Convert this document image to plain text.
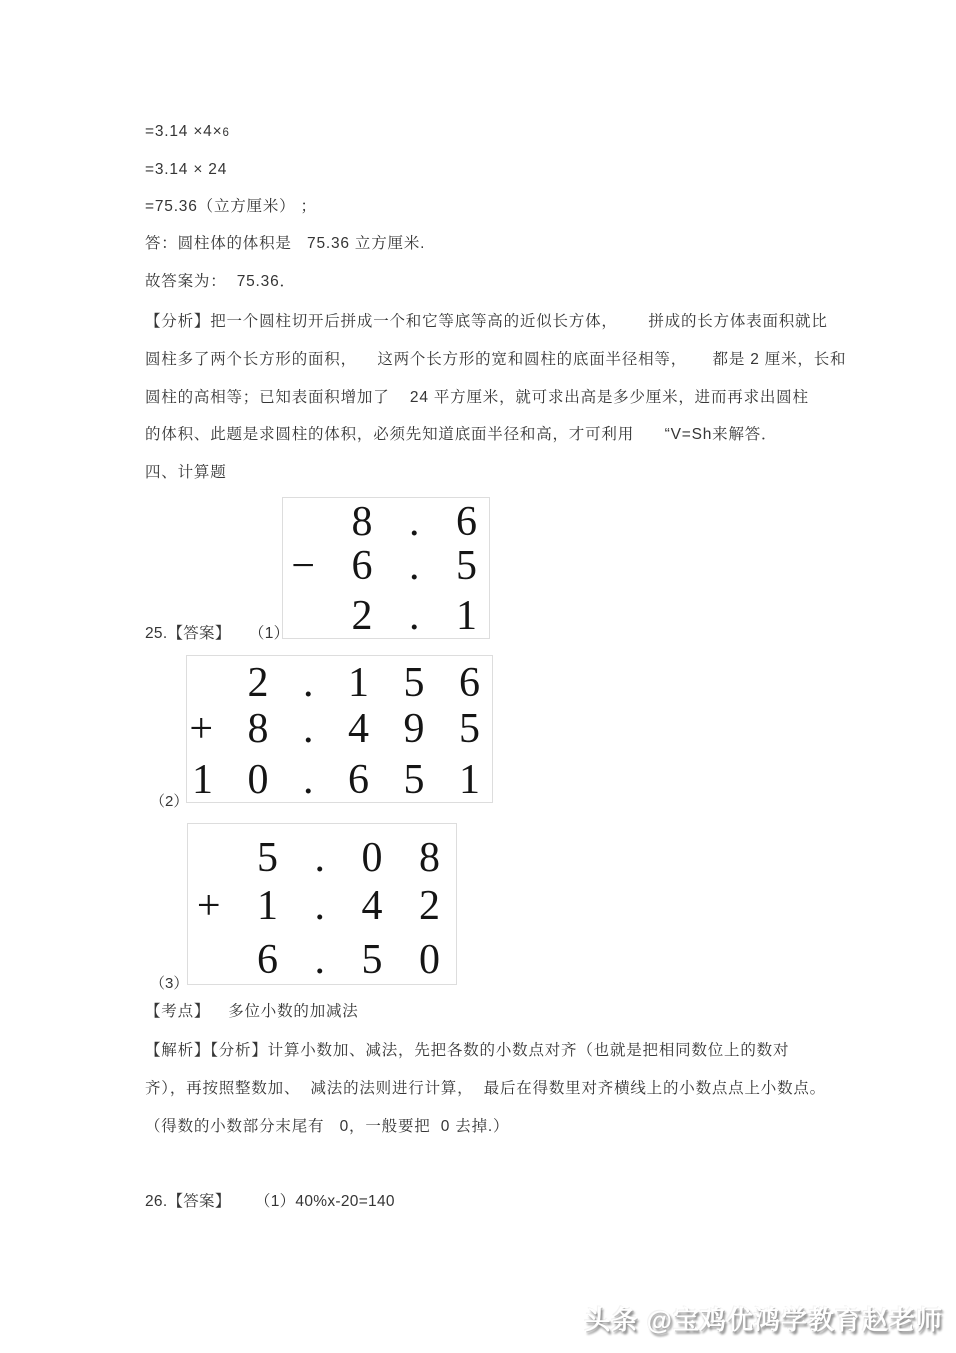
=3.14 ×4×6
=3.14 × 24
=75.36（立方厘米） ；
答：圆柱体的体积是   75.36 立方厘米.
故答案为：  75.36．
【分析】把一个圆柱切开后拼成一个和它等底等高的近似长方体，      拼成的长方体表面积就比
圆柱多了两个长方形的面积，    这两个长方形的宽和圆柱的底面半径相等，     都是 2 厘米，长和
圆柱的高相等；已知表面积增加了    24 平方厘米，就可求出高是多少厘米，进而再求出圆柱
的体积、此题是求圆柱的体积，必须先知道底面半径和高，才可利用      “V=Sh来解答．
四、计算题
8 . 6
− 6 . 5
2 . 1
25.【答案】 （1）
2 . 1 5 6
+ 8 . 4 9 5
1 0 . 6 5 1
（2）
5 . 0 8
+ 1 . 4 2
6 . 5 0
（3）
【考点】 多位小数的加减法
【解析】【分析】计算小数加、减法，先把各数的小数点对齐（也就是把相同数位上的数对
齐），再按照整数加、  减法的法则进行计算，  最后在得数里对齐横线上的小数点点上小数点。
（得数的小数部分末尾有   0，一般要把  0 去掉.）
26.【答案】 （1）40%x-20=140
头条 @宝鸡优鸿学教育赵老师
